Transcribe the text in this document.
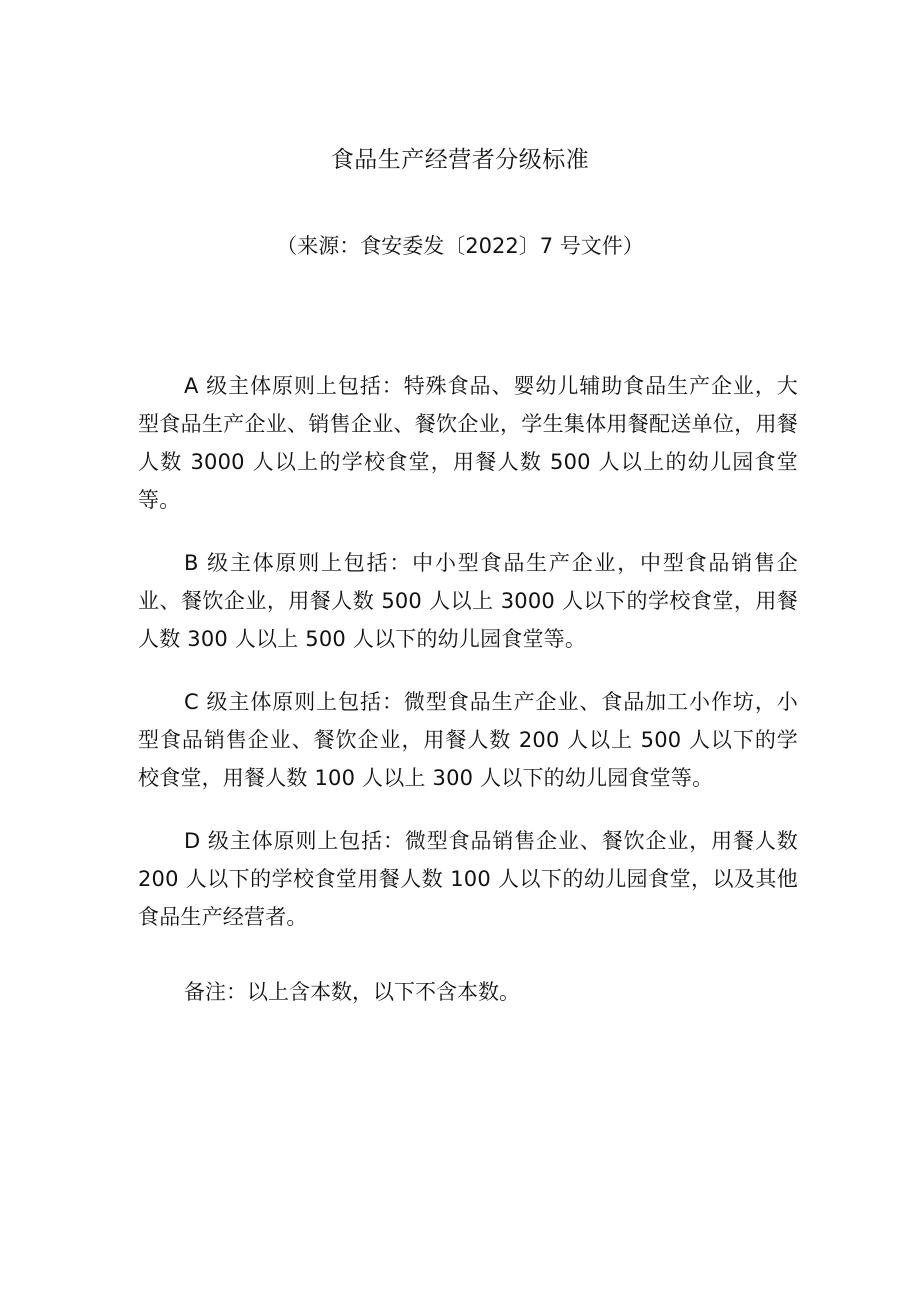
食品生产经营者分级标准
（来源：食安委发〔2022〕7 号文件）

A 级主体原则上包括：特殊食品、婴幼儿辅助食品生产企业，大型食品生产企业、销售企业、餐饮企业，学生集体用餐配送单位，用餐人数 3000 人以上的学校食堂，用餐人数 500 人以上的幼儿园食堂等。

B 级主体原则上包括：中小型食品生产企业，中型食品销售企业、餐饮企业，用餐人数 500 人以上 3000 人以下的学校食堂，用餐人数 300 人以上 500 人以下的幼儿园食堂等。

C 级主体原则上包括：微型食品生产企业、食品加工小作坊，小型食品销售企业、餐饮企业，用餐人数 200 人以上 500 人以下的学校食堂，用餐人数 100 人以上 300 人以下的幼儿园食堂等。

D 级主体原则上包括：微型食品销售企业、餐饮企业，用餐人数 200 人以下的学校食堂用餐人数 100 人以下的幼儿园食堂，以及其他食品生产经营者。

备注：以上含本数，以下不含本数。
